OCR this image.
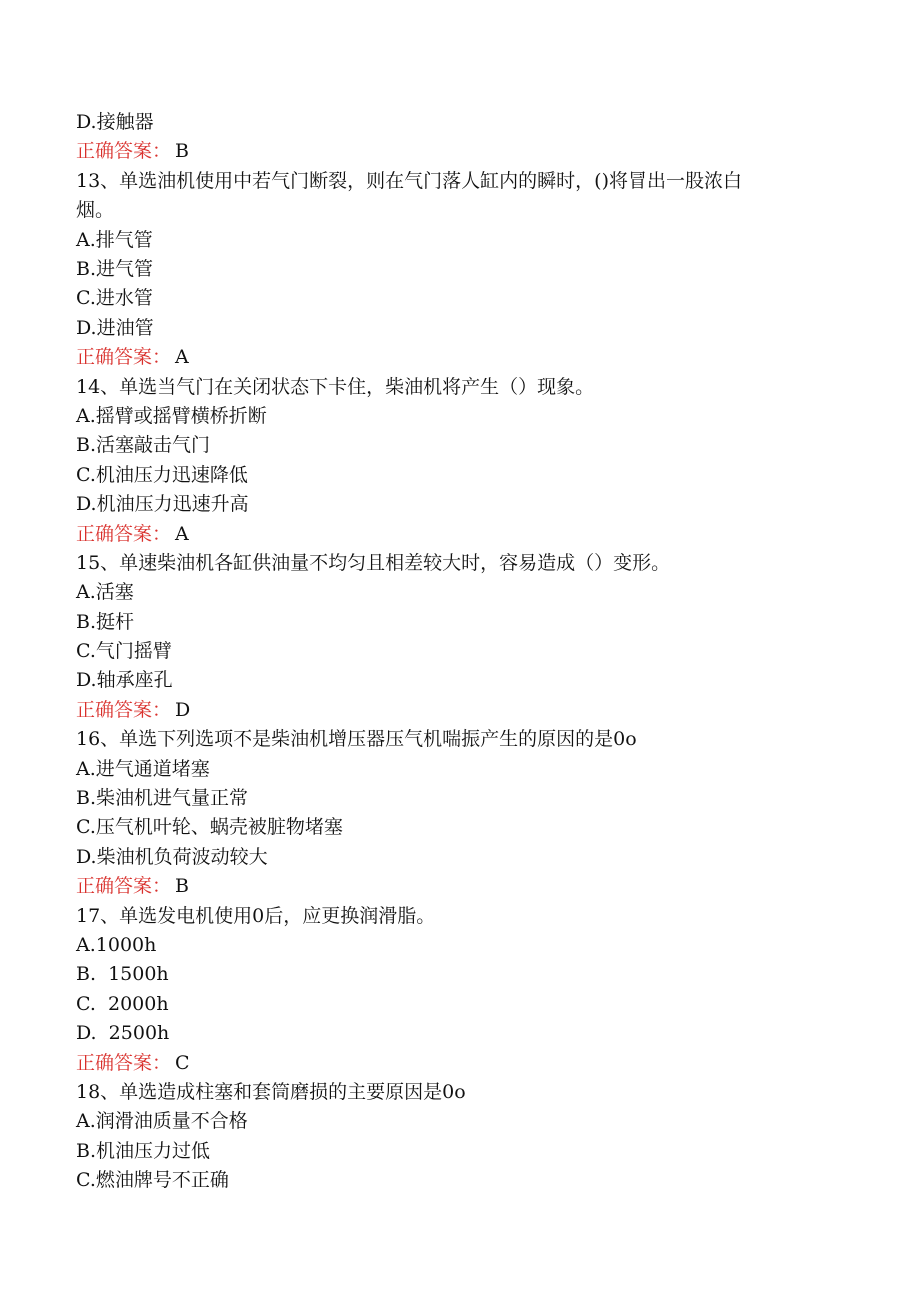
D.接触器
正确答案： B
13、单选油机使用中若气门断裂，则在气门落人缸内的瞬时，()将冒出一股浓白烟。
A.排气管
B.进气管
C.进水管
D.进油管
正确答案： A
14、单选当气门在关闭状态下卡住，柴油机将产生（）现象。
A.摇臂或摇臂横桥折断
B.活塞敲击气门
C.机油压力迅速降低
D.机油压力迅速升高
正确答案： A
15、单速柴油机各缸供油量不均匀且相差较大时，容易造成（）变形。
A.活塞
B.挺杆
C.气门摇臂
D.轴承座孔
正确答案： D
16、单选下列选项不是柴油机增压器压气机喘振产生的原因的是0o
A.进气通道堵塞
B.柴油机进气量正常
C.压气机叶轮、蜗壳被脏物堵塞
D.柴油机负荷波动较大
正确答案： B
17、单选发电机使用0后，应更换润滑脂。
A.1000h
B.  1500h
C.  2000h
D.  2500h
正确答案： C
18、单选造成柱塞和套筒磨损的主要原因是0o
A.润滑油质量不合格
B.机油压力过低
C.燃油牌号不正确
